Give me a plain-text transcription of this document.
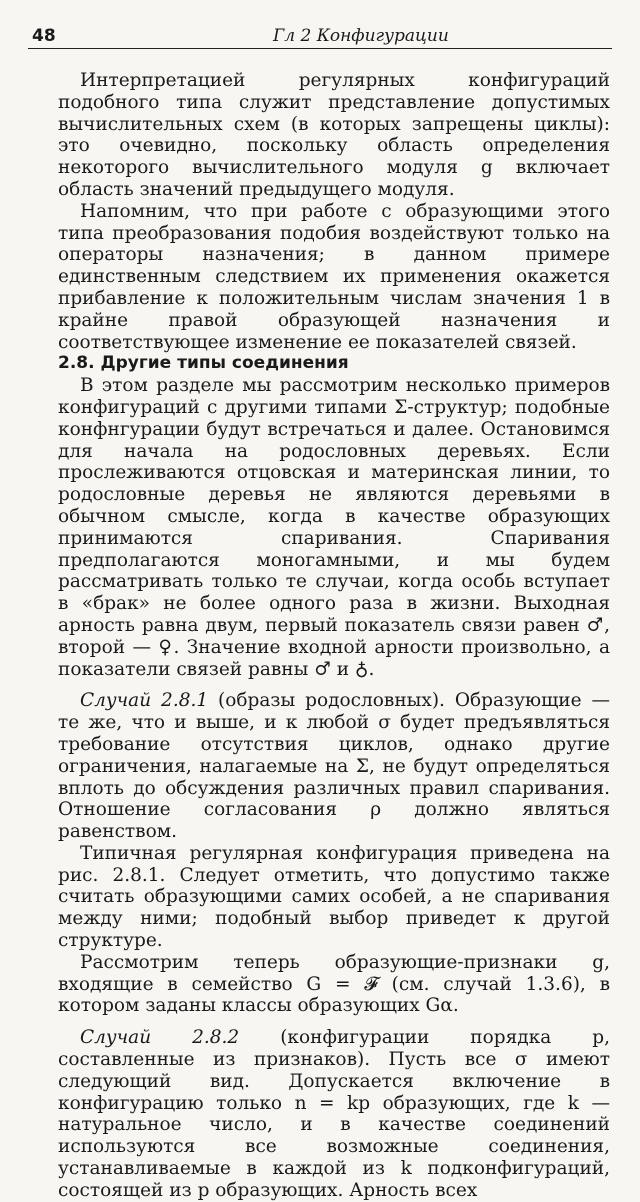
48	Гл 2 Конфигурации

Интерпретацией регулярных конфигураций подобного типа служит представление допустимых вычислительных схем (в которых запрещены циклы): это очевидно, поскольку область определения некоторого вычислительного модуля g включает область значений предыдущего модуля.

Напомним, что при работе с образующими этого типа преобразования подобия воздействуют только на операторы назначения; в данном примере единственным следствием их применения окажется прибавление к положительным числам значения 1 в крайне правой образующей назначения и соответствующее изменение ее показателей связей.

2.8. Другие типы соединения

В этом разделе мы рассмотрим несколько примеров конфигураций с другими типами Σ-структур; подобные конфнгурации будут встречаться и далее. Остановимся для начала на родословных деревьях. Если прослеживаются отцовская и материнская линии, то родословные деревья не являются деревьями в обычном смысле, когда в качестве образующих принимаются спаривания. Спаривания предполагаются моногамными, и мы будем рассматривать только те случаи, когда особь вступает в «брак» не более одного раза в жизни. Выходная арность равна двум, первый показатель связи равен ♂, второй — ♀. Значение входной арности произвольно, а показатели связей равны ♂ и ♁.

Случай 2.8.1 (образы родословных). Образующие — те же, что и выше, и к любой σ будет предъявляться требование отсутствия циклов, однако другие ограничения, налагаемые на Σ, не будут определяться вплоть до обсуждения различных правил спаривания. Отношение согласования ρ должно являться равенством.

Типичная регулярная конфигурация приведена на рис. 2.8.1. Следует отметить, что допустимо также считать образующими самих особей, а не спаривания между ними; подобный выбор приведет к другой структуре.

Рассмотрим теперь образующие-признаки g, входящие в семейство G = 𝓕 (см. случай 1.3.6), в котором заданы классы образующих Gα.

Случай 2.8.2 (конфигурации порядка p, составленные из признаков). Пусть все σ имеют следующий вид. Допускается включение в конфигурацию только n = kp образующих, где k — натуральное число, и в качестве соединений используются все возможные соединения, устанавливаемые в каждой из k подконфигураций, состоящей из p образующих. Арность всех
